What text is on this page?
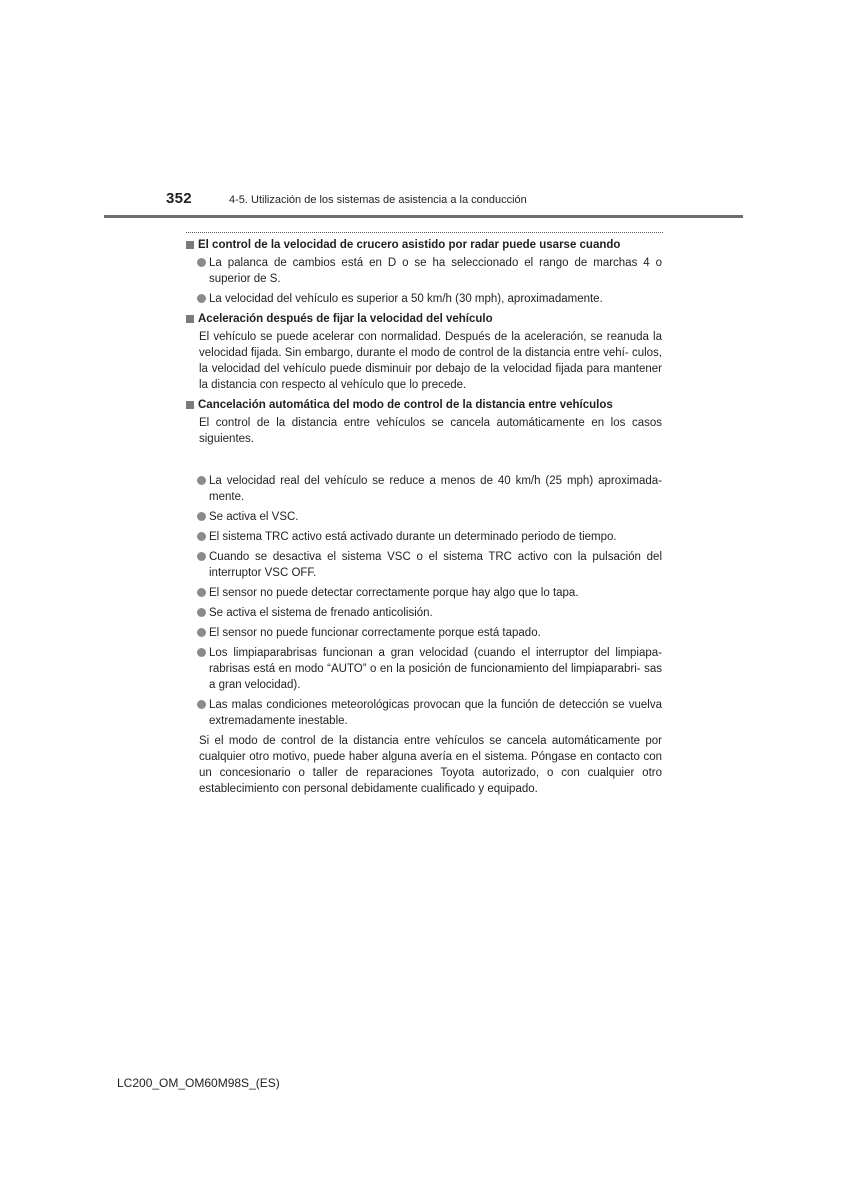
352	4-5. Utilización de los sistemas de asistencia a la conducción
El control de la velocidad de crucero asistido por radar puede usarse cuando
La palanca de cambios está en D o se ha seleccionado el rango de marchas 4 o superior de S.
La velocidad del vehículo es superior a 50 km/h (30 mph), aproximadamente.
Aceleración después de fijar la velocidad del vehículo
El vehículo se puede acelerar con normalidad. Después de la aceleración, se reanuda la velocidad fijada. Sin embargo, durante el modo de control de la distancia entre vehí- culos, la velocidad del vehículo puede disminuir por debajo de la velocidad fijada para mantener la distancia con respecto al vehículo que lo precede.
Cancelación automática del modo de control de la distancia entre vehículos
El control de la distancia entre vehículos se cancela automáticamente en los casos siguientes.
La velocidad real del vehículo se reduce a menos de 40 km/h (25 mph) aproximada- mente.
Se activa el VSC.
El sistema TRC activo está activado durante un determinado periodo de tiempo.
Cuando se desactiva el sistema VSC o el sistema TRC activo con la pulsación del interruptor VSC OFF.
El sensor no puede detectar correctamente porque hay algo que lo tapa.
Se activa el sistema de frenado anticolisión.
El sensor no puede funcionar correctamente porque está tapado.
Los limpiaparabrisas funcionan a gran velocidad (cuando el interruptor del limpiapa- rabrisas está en modo “AUTO” o en la posición de funcionamiento del limpiaparabri- sas a gran velocidad).
Las malas condiciones meteorológicas provocan que la función de detección se vuelva extremadamente inestable.
Si el modo de control de la distancia entre vehículos se cancela automáticamente por cualquier otro motivo, puede haber alguna avería en el sistema. Póngase en contacto con un concesionario o taller de reparaciones Toyota autorizado, o con cualquier otro establecimiento con personal debidamente cualificado y equipado.
LC200_OM_OM60M98S_(ES)
